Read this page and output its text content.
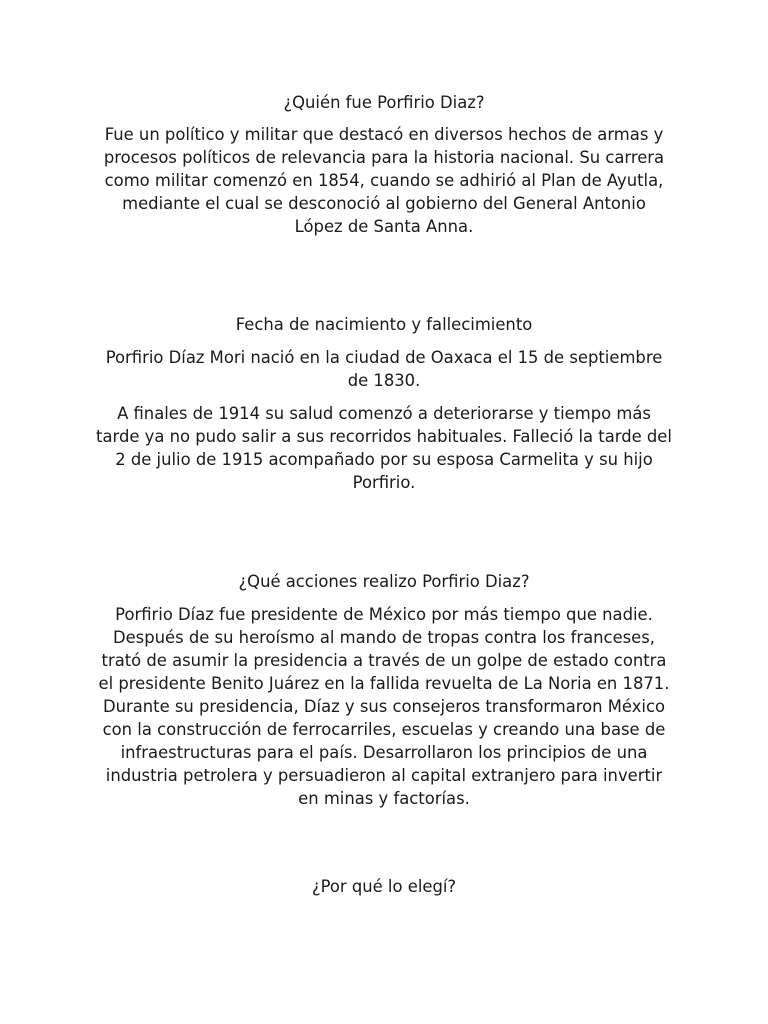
¿Quién fue Porfirio Diaz?

Fue un político y militar que destacó en diversos hechos de armas y procesos políticos de relevancia para la historia nacional. Su carrera como militar comenzó en 1854, cuando se adhirió al Plan de Ayutla, mediante el cual se desconoció al gobierno del General Antonio López de Santa Anna.

Fecha de nacimiento y fallecimiento

Porfirio Díaz Mori nació en la ciudad de Oaxaca el 15 de septiembre de 1830.

A finales de 1914 su salud comenzó a deteriorarse y tiempo más tarde ya no pudo salir a sus recorridos habituales. Falleció la tarde del 2 de julio de 1915 acompañado por su esposa Carmelita y su hijo Porfirio.

¿Qué acciones realizo Porfirio Diaz?

Porfirio Díaz fue presidente de México por más tiempo que nadie. Después de su heroísmo al mando de tropas contra los franceses, trató de asumir la presidencia a través de un golpe de estado contra el presidente Benito Juárez en la fallida revuelta de La Noria en 1871. Durante su presidencia, Díaz y sus consejeros transformaron México con la construcción de ferrocarriles, escuelas y creando una base de infraestructuras para el país. Desarrollaron los principios de una industria petrolera y persuadieron al capital extranjero para invertir en minas y factorías.

¿Por qué lo elegí?
